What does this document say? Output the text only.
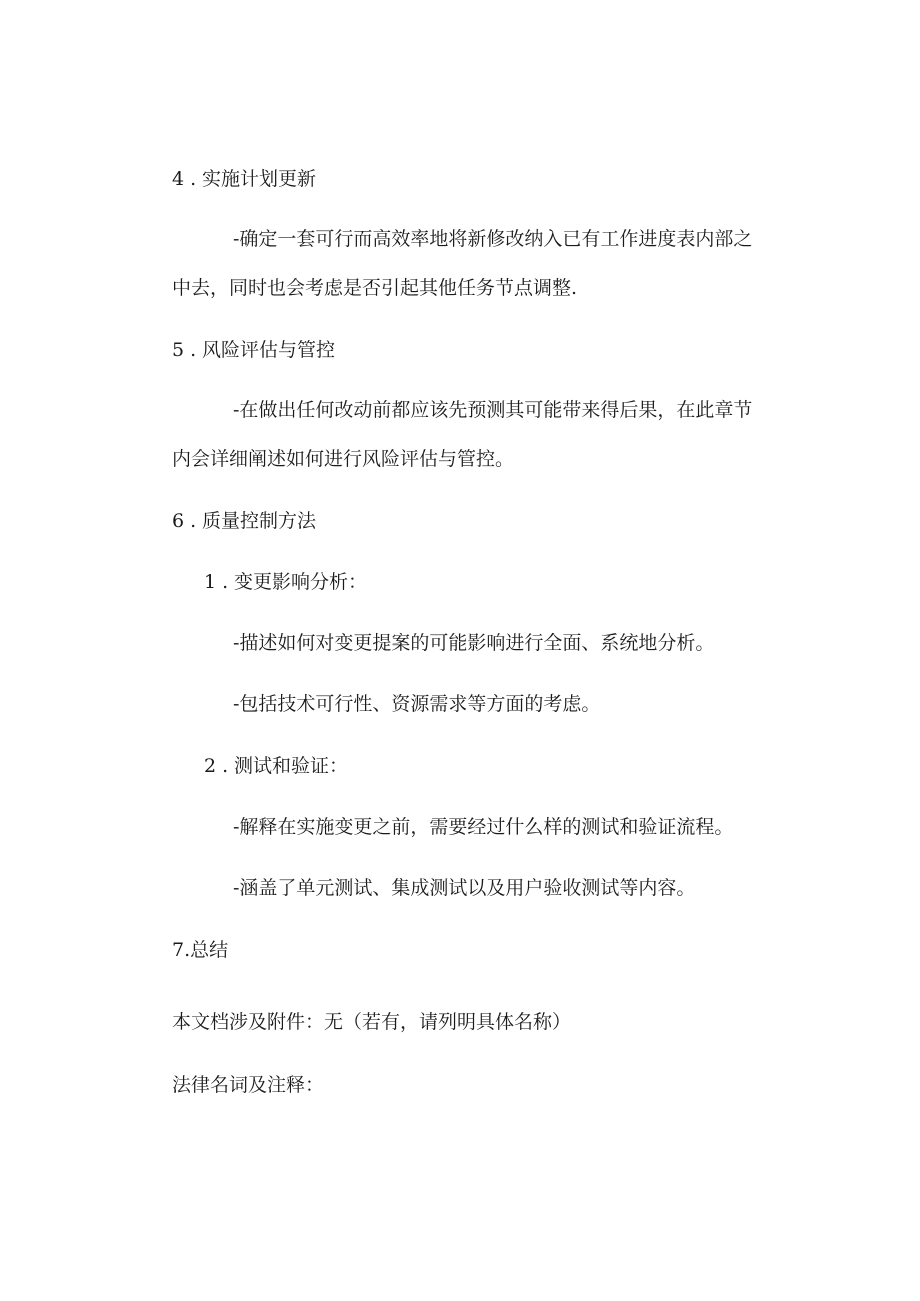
4 . 实施计划更新
-确定一套可行而高效率地将新修改纳入已有工作进度表内部之
中去，同时也会考虑是否引起其他任务节点调整.
5 . 风险评估与管控
-在做出任何改动前都应该先预测其可能带来得后果，在此章节
内会详细阐述如何进行风险评估与管控。
6 . 质量控制方法
1 . 变更影响分析：
-描述如何对变更提案的可能影响进行全面、系统地分析。
-包括技术可行性、资源需求等方面的考虑。
2 . 测试和验证：
-解释在实施变更之前，需要经过什么样的测试和验证流程。
-涵盖了单元测试、集成测试以及用户验收测试等内容。
7.总结
本文档涉及附件：无（若有，请列明具体名称）
法律名词及注释：
